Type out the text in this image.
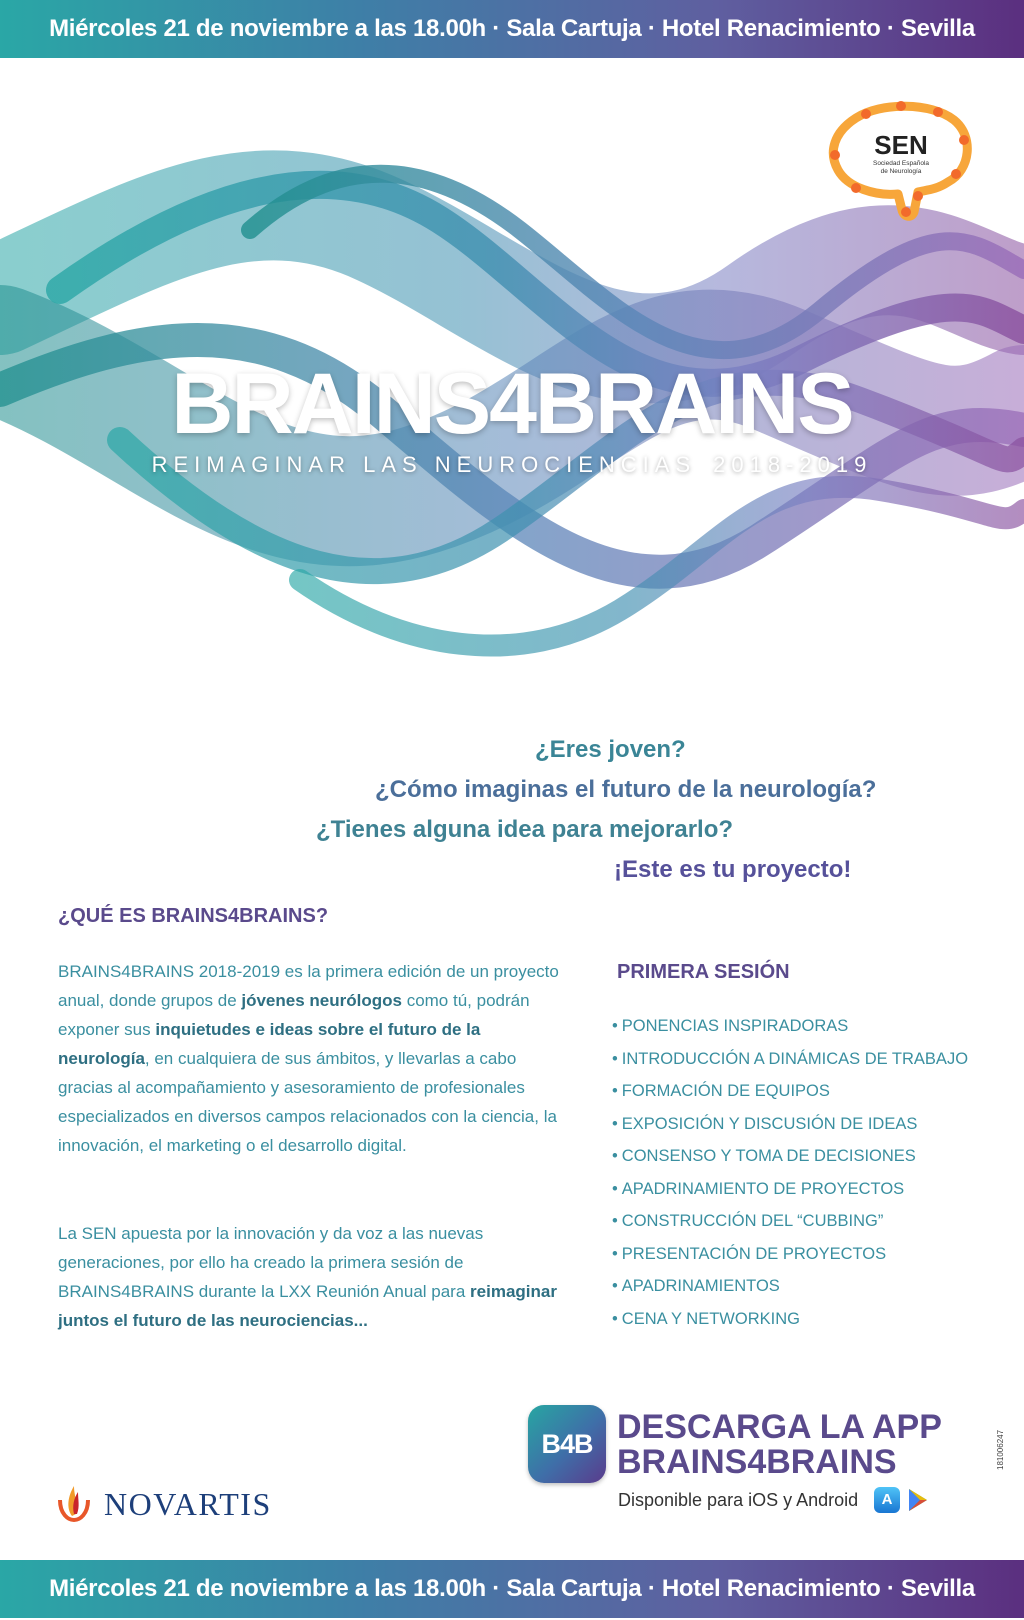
Miércoles 21 de noviembre a las 18.00h · Sala Cartuja · Hotel Renacimiento · Sevilla
SEN
Sociedad Española
de Neurología
BRAINS4BRAINS
REIMAGINAR LAS NEUROCIENCIAS 2018-2019
¿Eres joven?
¿Cómo imaginas el futuro de la neurología?
¿Tienes alguna idea para mejorarlo?
¡Este es tu proyecto!
¿QUÉ ES BRAINS4BRAINS?
BRAINS4BRAINS 2018-2019 es la primera edición de un proyecto anual, donde grupos de jóvenes neurólogos como tú, podrán exponer sus inquietudes e ideas sobre el futuro de la neurología, en cualquiera de sus ámbitos, y llevarlas a cabo gracias al acompañamiento y asesoramiento de profesionales especializados en diversos campos relacionados con la ciencia, la innovación, el marketing o el desarrollo digital.
La SEN apuesta por la innovación y da voz a las nuevas generaciones, por ello ha creado la primera sesión de BRAINS4BRAINS durante la LXX Reunión Anual para reimaginar juntos el futuro de las neurociencias...
PRIMERA SESIÓN
• PONENCIAS INSPIRADORAS
• INTRODUCCIÓN A DINÁMICAS DE TRABAJO
• FORMACIÓN DE EQUIPOS
• EXPOSICIÓN Y DISCUSIÓN DE IDEAS
• CONSENSO Y TOMA DE DECISIONES
• APADRINAMIENTO DE PROYECTOS
• CONSTRUCCIÓN DEL “CUBBING”
• PRESENTACIÓN DE PROYECTOS
• APADRINAMIENTOS
• CENA Y NETWORKING
B4B DESCARGA LA APP
BRAINS4BRAINS
Disponible para iOS y Android	A
NOVARTIS
181006247
Miércoles 21 de noviembre a las 18.00h · Sala Cartuja · Hotel Renacimiento · Sevilla
